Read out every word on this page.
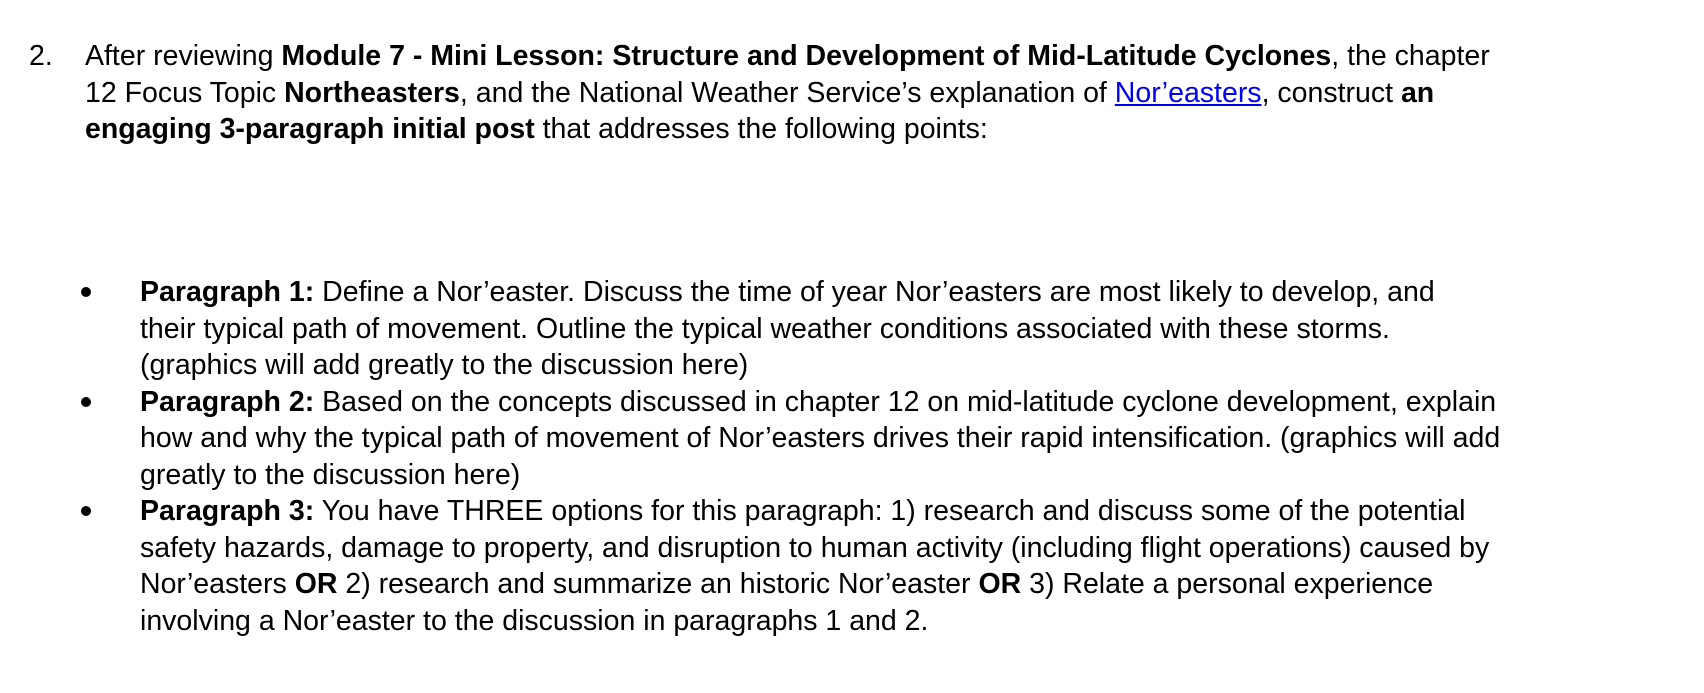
2.	After reviewing Module 7 - Mini Lesson: Structure and Development of Mid-Latitude Cyclones, the chapter
12 Focus Topic Northeasters, and the National Weather Service’s explanation of Nor’easters, construct an
engaging 3-paragraph initial post that addresses the following points:

Paragraph 1: Define a Nor’easter. Discuss the time of year Nor’easters are most likely to develop, and
their typical path of movement. Outline the typical weather conditions associated with these storms.
(graphics will add greatly to the discussion here)
Paragraph 2: Based on the concepts discussed in chapter 12 on mid-latitude cyclone development, explain
how and why the typical path of movement of Nor’easters drives their rapid intensification. (graphics will add
greatly to the discussion here)
Paragraph 3: You have THREE options for this paragraph: 1) research and discuss some of the potential
safety hazards, damage to property, and disruption to human activity (including flight operations) caused by
Nor’easters OR 2) research and summarize an historic Nor’easter OR 3) Relate a personal experience
involving a Nor’easter to the discussion in paragraphs 1 and 2.
